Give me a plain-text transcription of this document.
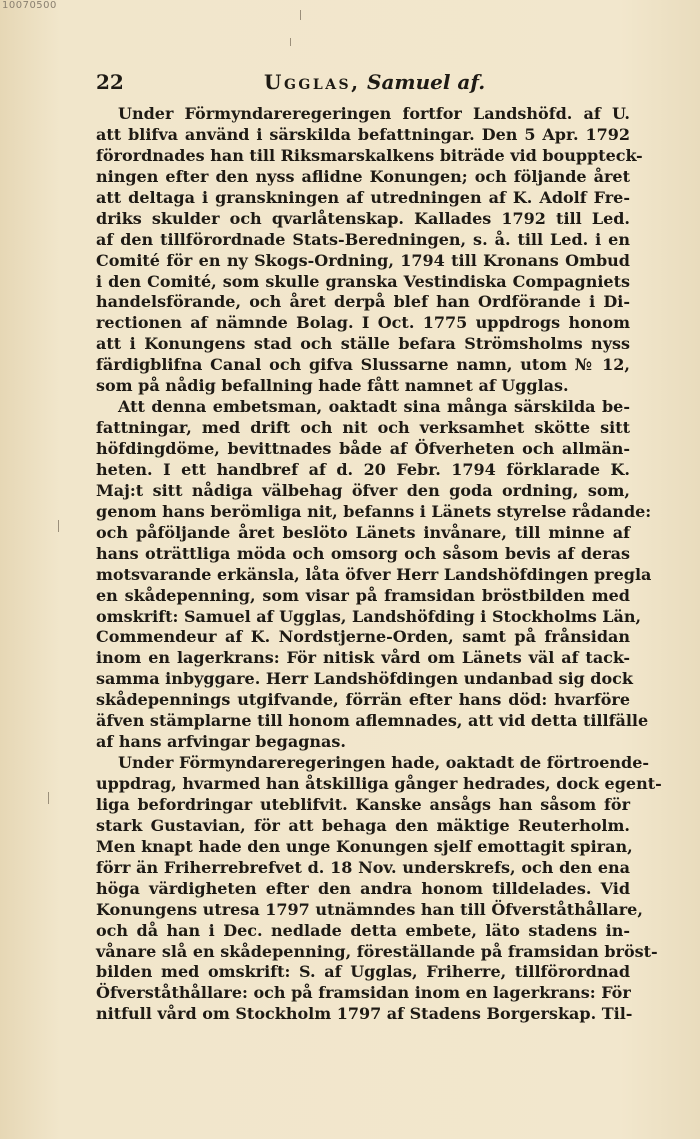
10070500
22	Ugglas, Samuel af.
Under Förmyndareregeringen fortfor Landshöfd. af U.
att blifva använd i särskilda befattningar. Den 5 Apr. 1792
förordnades han till Riksmarskalkens biträde vid bouppteck-
ningen efter den nyss aflidne Konungen; och följande året
att deltaga i granskningen af utredningen af K. Adolf Fre-
driks skulder och qvarlåtenskap. Kallades 1792 till Led.
af den tillförordnade Stats-Beredningen, s. å. till Led. i en
Comité för en ny Skogs-Ordning, 1794 till Kronans Ombud
i den Comité, som skulle granska Vestindiska Compagniets
handelsförande, och året derpå blef han Ordförande i Di-
rectionen af nämnde Bolag. I Oct. 1775 uppdrogs honom
att i Konungens stad och ställe befara Strömsholms nyss
färdigblifna Canal och gifva Slussarne namn, utom № 12,
som på nådig befallning hade fått namnet af Ugglas.
Att denna embetsman, oaktadt sina många särskilda be-
fattningar, med drift och nit och verksamhet skötte sitt
höfdingdöme, bevittnades både af Öfverheten och allmän-
heten. I ett handbref af d. 20 Febr. 1794 förklarade K.
Maj:t sitt nådiga välbehag öfver den goda ordning, som,
genom hans berömliga nit, befanns i Länets styrelse rådande:
och påföljande året beslöto Länets invånare, till minne af
hans oträttliga möda och omsorg och såsom bevis af deras
motsvarande erkänsla, låta öfver Herr Landshöfdingen pregla
en skådepenning, som visar på framsidan bröstbilden med
omskrift: Samuel af Ugglas, Landshöfding i Stockholms Län,
Commendeur af K. Nordstjerne-Orden, samt på frånsidan
inom en lagerkrans: För nitisk vård om Länets väl af tack-
samma inbyggare. Herr Landshöfdingen undanbad sig dock
skådepennings utgifvande, förrän efter hans död: hvarföre
äfven stämplarne till honom aflemnades, att vid detta tillfälle
af hans arfvingar begagnas.
Under Förmyndareregeringen hade, oaktadt de förtroende-
uppdrag, hvarmed han åtskilliga gånger hedrades, dock egent-
liga befordringar uteblifvit. Kanske ansågs han såsom för
stark Gustavian, för att behaga den mäktige Reuterholm.
Men knapt hade den unge Konungen sjelf emottagit spiran,
förr än Friherrebrefvet d. 18 Nov. underskrefs, och den ena
höga värdigheten efter den andra honom tilldelades. Vid
Konungens utresa 1797 utnämndes han till Öfverståthållare,
och då han i Dec. nedlade detta embete, läto stadens in-
vånare slå en skådepenning, föreställande på framsidan bröst-
bilden med omskrift: S. af Ugglas, Friherre, tillförordnad
Öfverståthållare: och på framsidan inom en lagerkrans: För
nitfull vård om Stockholm 1797 af Stadens Borgerskap. Til-
